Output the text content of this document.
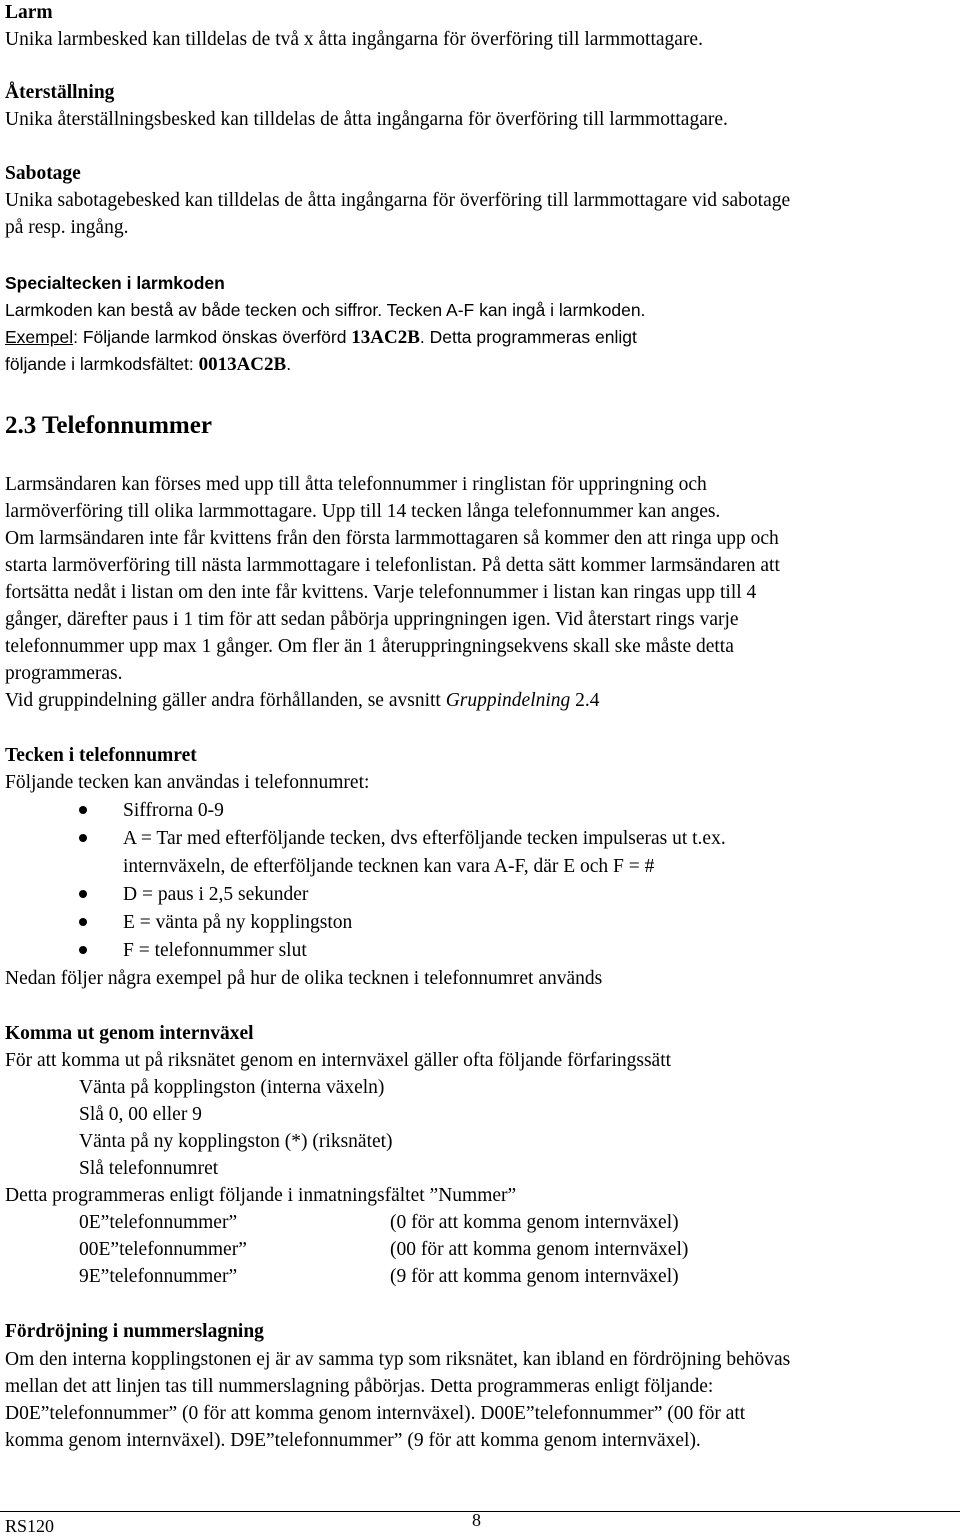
Larm
Unika larmbesked kan tilldelas de två x åtta ingångarna för överföring till larmmottagare.
Återställning
Unika återställningsbesked kan tilldelas de åtta ingångarna för överföring till larmmottagare.
Sabotage
Unika sabotagebesked kan tilldelas de åtta ingångarna för överföring till larmmottagare vid sabotage
på resp. ingång.
Specialtecken i larmkoden
Larmkoden kan bestå av både tecken och siffror. Tecken A-F kan ingå i larmkoden.
Exempel: Följande larmkod önskas överförd 13AC2B. Detta programmeras enligt
följande i larmkodsfältet: 0013AC2B.
2.3 Telefonnummer
Larmsändaren kan förses med upp till åtta telefonnummer i ringlistan för uppringning och
larmöverföring till olika larmmottagare. Upp till 14 tecken långa telefonnummer kan anges.
Om larmsändaren inte får kvittens från den första larmmottagaren så kommer den att ringa upp och
starta larmöverföring till nästa larmmottagare i telefonlistan. På detta sätt kommer larmsändaren att
fortsätta nedåt i listan om den inte får kvittens. Varje telefonnummer i listan kan ringas upp till 4
gånger, därefter paus i 1 tim för att sedan påbörja uppringningen igen. Vid återstart rings varje
telefonnummer upp max 1 gånger. Om fler än 1 återuppringningsekvens skall ske måste detta
programmeras.
Vid gruppindelning gäller andra förhållanden, se avsnitt Gruppindelning 2.4
Tecken i telefonnumret
Följande tecken kan användas i telefonnumret:
Siffrorna 0-9
A = Tar med efterföljande tecken, dvs efterföljande tecken impulseras ut t.ex.
internväxeln, de efterföljande tecknen kan vara A-F, där E och F = #
D = paus i 2,5 sekunder
E = vänta på ny kopplingston
F = telefonnummer slut
Nedan följer några exempel på hur de olika tecknen i telefonnumret används
Komma ut genom internväxel
För att komma ut på riksnätet genom en internväxel gäller ofta följande förfaringssätt
Vänta på kopplingston (interna växeln)
Slå 0, 00 eller 9
Vänta på ny kopplingston (*) (riksnätet)
Slå telefonnumret
Detta programmeras enligt följande i inmatningsfältet ”Nummer”
0E”telefonnummer”	(0 för att komma genom internväxel)
00E”telefonnummer”	(00 för att komma genom internväxel)
9E”telefonnummer”	(9 för att komma genom internväxel)
Fördröjning i nummerslagning
Om den interna kopplingstonen ej är av samma typ som riksnätet, kan ibland en fördröjning behövas
mellan det att linjen tas till nummerslagning påbörjas. Detta programmeras enligt följande:
D0E”telefonnummer” (0 för att komma genom internväxel). D00E”telefonnummer” (00 för att
komma genom internväxel). D9E”telefonnummer” (9 för att komma genom internväxel).
RS120	8
